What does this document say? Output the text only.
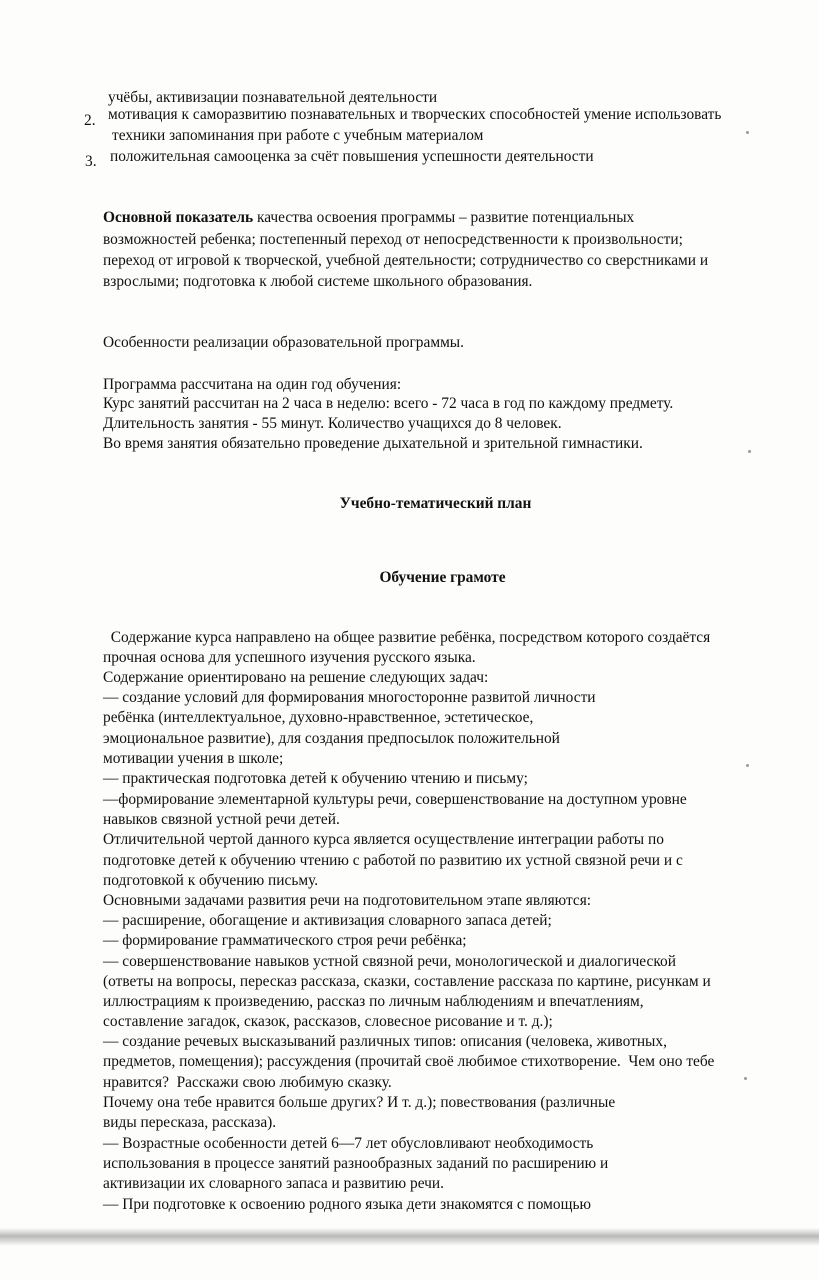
учёбы, активизации познавательной деятельности
2. мотивация к саморазвитию познавательных и творческих способностей умение использовать
техники запоминания при работе с учебным материалом
3. положительная самооценка за счёт повышения успешности деятельности
Основной показатель качества освоения программы – развитие потенциальных
возможностей ребенка; постепенный переход от непосредственности к произвольности;
переход от игровой к творческой, учебной деятельности; сотрудничество со сверстниками и
взрослыми; подготовка к любой системе школьного образования.
Особенности реализации образовательной программы.
Программа рассчитана на один год обучения:
Курс занятий рассчитан на 2 часа в неделю: всего - 72 часа в год по каждому предмету.
Длительность занятия - 55 минут. Количество учащихся до 8 человек.
Во время занятия обязательно проведение дыхательной и зрительной гимнастики.
Учебно-тематический план
Обучение грамоте
Содержание курса направлено на общее развитие ребёнка, посредством которого создаётся
прочная основа для успешного изучения русского языка.
Содержание ориентировано на решение следующих задач:
— создание условий для формирования многосторонне развитой личности
ребёнка (интеллектуальное, духовно-нравственное, эстетическое,
эмоциональное развитие), для создания предпосылок положительной
мотивации учения в школе;
— практическая подготовка детей к обучению чтению и письму;
—формирование элементарной культуры речи, совершенствование на доступном уровне
навыков связной устной речи детей.
Отличительной чертой данного курса является осуществление интеграции работы по
подготовке детей к обучению чтению с работой по развитию их устной связной речи и с
подготовкой к обучению письму.
Основными задачами развития речи на подготовительном этапе являются:
— расширение, обогащение и активизация словарного запаса детей;
— формирование грамматического строя речи ребёнка;
— совершенствование навыков устной связной речи, монологической и диалогической
(ответы на вопросы, пересказ рассказа, сказки, составление рассказа по картине, рисункам и
иллюстрациям к произведению, рассказ по личным наблюдениям и впечатлениям,
составление загадок, сказок, рассказов, словесное рисование и т. д.);
— создание речевых высказываний различных типов: описания (человека, животных,
предметов, помещения); рассуждения (прочитай своё любимое стихотворение.  Чем оно тебе
нравится?  Расскажи свою любимую сказку.
Почему она тебе нравится больше других? И т. д.); повествования (различные
виды пересказа, рассказа).
— Возрастные особенности детей 6—7 лет обусловливают необходимость
использования в процессе занятий разнообразных заданий по расширению и
активизации их словарного запаса и развитию речи.
— При подготовке к освоению родного языка дети знакомятся с помощью
